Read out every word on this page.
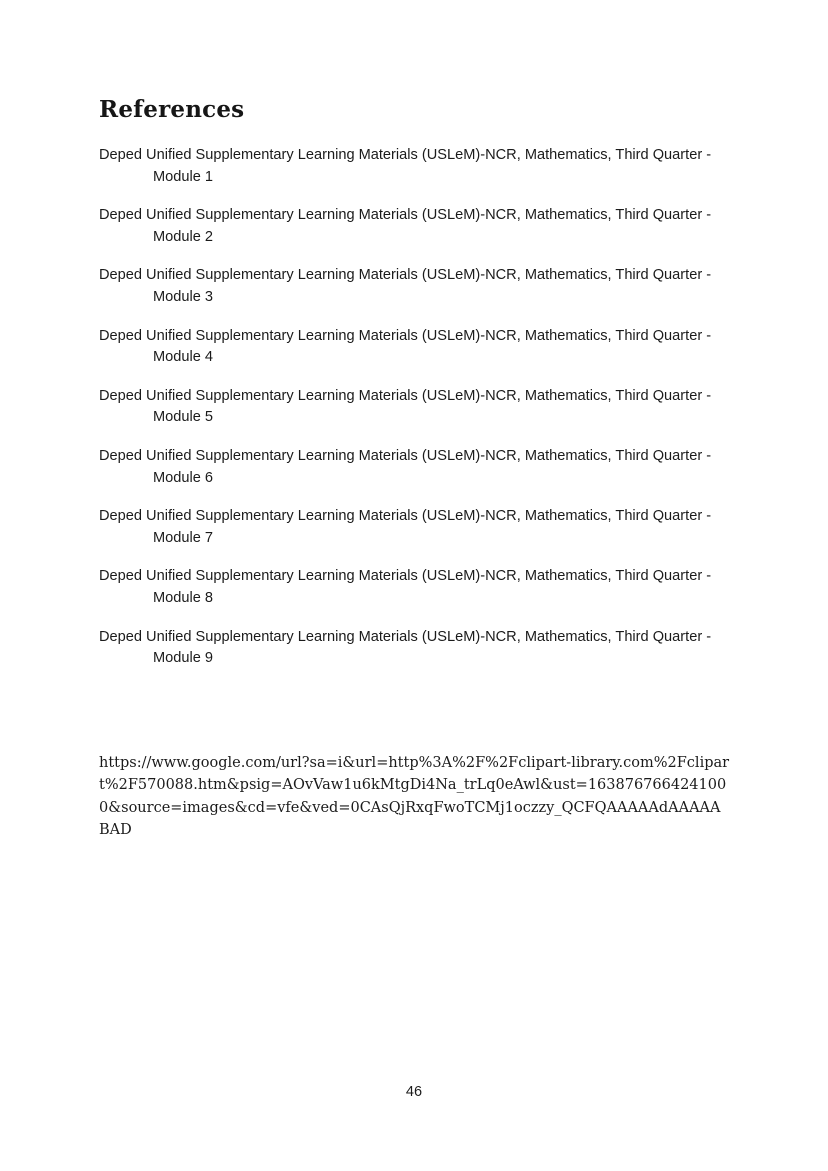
References
Deped Unified Supplementary Learning Materials (USLeM)-NCR, Mathematics, Third Quarter - Module 1
Deped Unified Supplementary Learning Materials (USLeM)-NCR, Mathematics, Third Quarter - Module 2
Deped Unified Supplementary Learning Materials (USLeM)-NCR, Mathematics, Third Quarter - Module 3
Deped Unified Supplementary Learning Materials (USLeM)-NCR, Mathematics, Third Quarter - Module 4
Deped Unified Supplementary Learning Materials (USLeM)-NCR, Mathematics, Third Quarter - Module 5
Deped Unified Supplementary Learning Materials (USLeM)-NCR, Mathematics, Third Quarter - Module 6
Deped Unified Supplementary Learning Materials (USLeM)-NCR, Mathematics, Third Quarter - Module 7
Deped Unified Supplementary Learning Materials (USLeM)-NCR, Mathematics, Third Quarter - Module 8
Deped Unified Supplementary Learning Materials (USLeM)-NCR, Mathematics, Third Quarter - Module 9
https://www.google.com/url?sa=i&url=http%3A%2F%2Fclipart-library.com%2Fclipart%2F570088.htm&psig=AOvVaw1u6kMtgDi4Na_trLq0eAwl&ust=1638767664241000&source=images&cd=vfe&ved=0CAsQjRxqFwoTCMj1oczzy_QCFQAAAAAdAAAAABAD
46
